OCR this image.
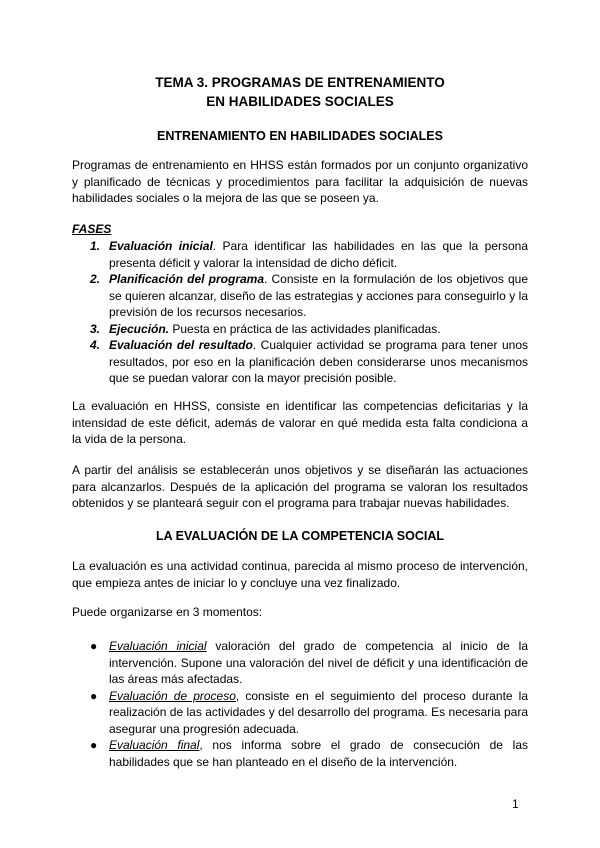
TEMA 3. PROGRAMAS DE ENTRENAMIENTO
EN HABILIDADES SOCIALES
ENTRENAMIENTO EN HABILIDADES SOCIALES

Programas de entrenamiento en HHSS están formados por un conjunto organizativo y planificado de técnicas y procedimientos para facilitar la adquisición de nuevas habilidades sociales o la mejora de las que se poseen ya.

FASES
1. Evaluación inicial. Para identificar las habilidades en las que la persona presenta déficit y valorar la intensidad de dicho déficit.
2. Planificación del programa. Consiste en la formulación de los objetivos que se quieren alcanzar, diseño de las estrategias y acciones para conseguirlo y la previsión de los recursos necesarios.
3. Ejecución. Puesta en práctica de las actividades planificadas.
4. Evaluación del resultado. Cualquier actividad se programa para tener unos resultados, por eso en la planificación deben considerarse unos mecanismos que se puedan valorar con la mayor precisión posible.

La evaluación en HHSS, consiste en identificar las competencias deficitarias y la intensidad de este déficit, además de valorar en qué medida esta falta condiciona a la vida de la persona.

A partir del análisis se establecerán unos objetivos y se diseñarán las actuaciones para alcanzarlos. Después de la aplicación del programa se valoran los resultados obtenidos y se planteará seguir con el programa para trabajar nuevas habilidades.

LA EVALUACIÓN DE LA COMPETENCIA SOCIAL

La evaluación es una actividad continua, parecida al mismo proceso de intervención, que empieza antes de iniciar lo y concluye una vez finalizado.

Puede organizarse en 3 momentos:

● Evaluación inicial valoración del grado de competencia al inicio de la intervención. Supone una valoración del nivel de déficit y una identificación de las áreas más afectadas.
● Evaluación de proceso, consiste en el seguimiento del proceso durante la realización de las actividades y del desarrollo del programa. Es necesaria para asegurar una progresión adecuada.
● Evaluación final, nos informa sobre el grado de consecución de las habilidades que se han planteado en el diseño de la intervención.
1
